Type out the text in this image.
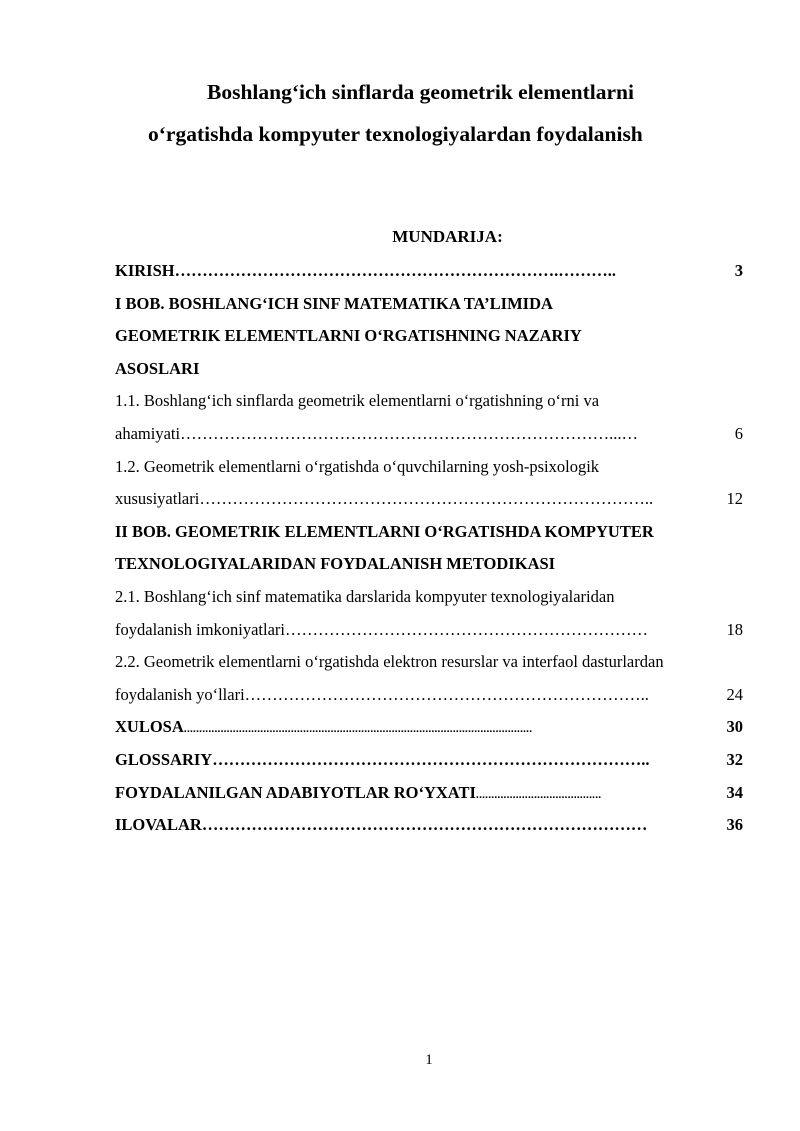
Boshlang‘ich sinflarda geometrik elementlarni
o‘rgatishda kompyuter texnologiyalardan foydalanish
MUNDARIJA:
KIRISH …………………………………………………………….………..	3
I BOB. BOSHLANG‘ICH SINF MATEMATIKA TA’LIMIDA
GEOMETRIK ELEMENTLARNI O‘RGATISHNING NAZARIY
ASOSLARI
1.1. Boshlang‘ich sinflarda geometrik elementlarni o‘rgatishning o‘rni va
ahamiyati ……………………………………………………………………...…	6
1.2. Geometrik elementlarni o‘rgatishda o‘quvchilarning yosh-psixologik
xususiyatlari ………………………………………………………………………..	12
II BOB. GEOMETRIK ELEMENTLARNI O‘RGATISHDA KOMPYUTER
TEXNOLOGIYALARIDAN FOYDALANISH METODIKASI
2.1. Boshlang‘ich sinf matematika darslarida kompyuter texnologiyalaridan
foydalanish imkoniyatlari …………………………………………………………	18
2.2. Geometrik elementlarni o‘rgatishda elektron resurslar va interfaol dasturlardan
foydalanish yo‘llari ………………………………………………………………..	24
XULOSA ..................................................................................................................	30
GLOSSARIY ……………………………………………………………………..	32
FOYDALANILGAN ADABIYOTLAR RO‘YXATI .........................................	34
ILOVALAR ………………………………………………………………………	36
1
